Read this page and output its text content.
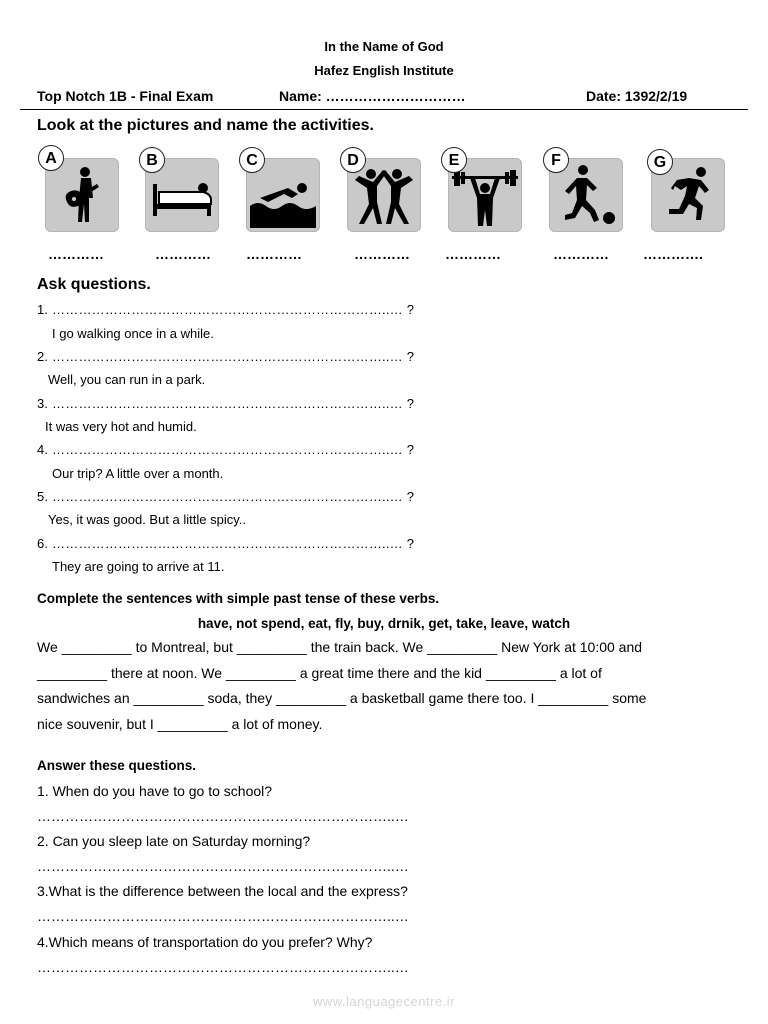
In the Name of God
Hafez English Institute
Top Notch 1B - Final Exam	Name: …………………………	Date: 1392/2/19
Look at the pictures and name the activities.
A
…………
B
…………
C
…………
D
…………
E
…………
F
…………
G
………….
Ask questions.
1. …………………………………………………………………..… ?
I go walking once in a while.
2. …………………………………………………………………..… ?
Well, you can run in a park.
3. …………………………………………………………………..… ?
It was very hot and humid.
4. …………………………………………………………………..… ?
Our trip? A little over a month.
5. …………………………………………………………………..… ?
Yes, it was good. But a little spicy..
6. …………………………………………………………………..… ?
They are going to arrive at 11.
Complete the sentences with simple past tense of these verbs.
have, not spend, eat, fly, buy, drnik, get, take, leave, watch
We _________ to Montreal, but _________ the train back. We _________ New York at 10:00 and
_________ there at noon. We _________ a great time there and the kid _________ a lot of
sandwiches an _________ soda, they _________ a basketball game there too. I _________ some
nice souvenir, but I _________ a lot of money.
Answer these questions.
1. When do you have to go to school?
…………………………………………………………………..…
2. Can you sleep late on Saturday morning?
…………………………………………………………………..…
3.What is the difference between the local and the express?
…………………………………………………………………..…
4.Which means of transportation do you prefer? Why?
…………………………………………………………………..…
www.languagecentre.ir
